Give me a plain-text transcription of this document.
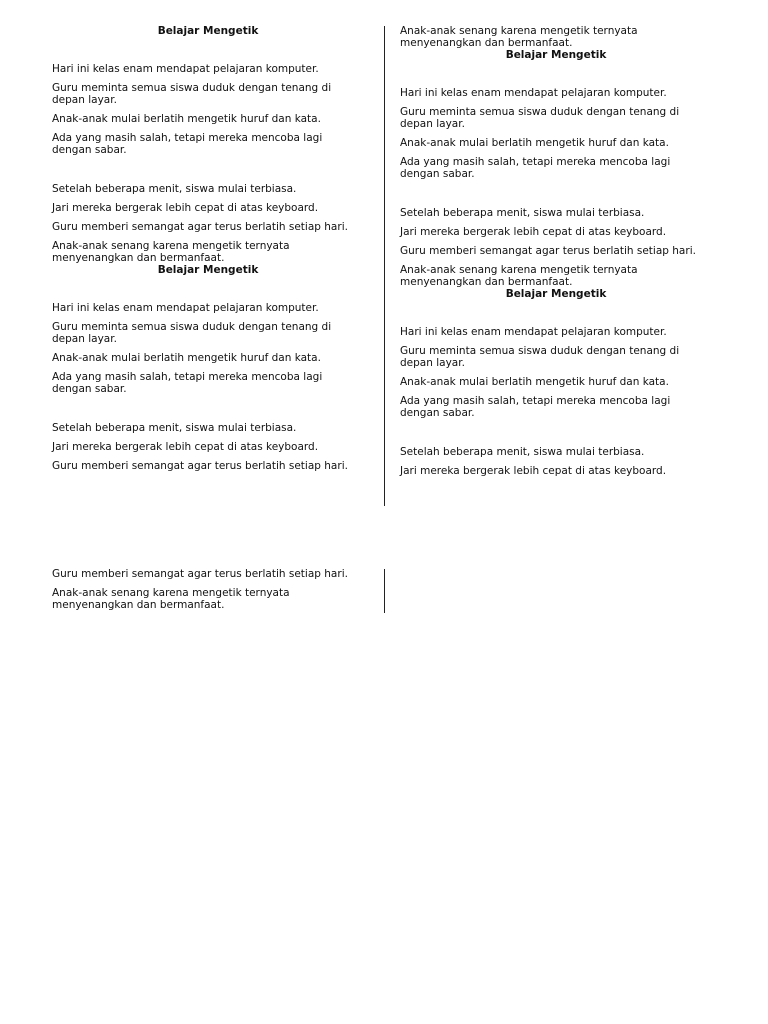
Belajar Mengetik
Hari ini kelas enam mendapat pelajaran komputer.
Guru meminta semua siswa duduk dengan tenang di depan layar.
Anak-anak mulai berlatih mengetik huruf dan kata.
Ada yang masih salah, tetapi mereka mencoba lagi dengan sabar.
Setelah beberapa menit, siswa mulai terbiasa.
Jari mereka bergerak lebih cepat di atas keyboard.
Guru memberi semangat agar terus berlatih setiap hari.
Anak-anak senang karena mengetik ternyata menyenangkan dan bermanfaat.
Belajar Mengetik
Hari ini kelas enam mendapat pelajaran komputer.
Guru meminta semua siswa duduk dengan tenang di depan layar.
Anak-anak mulai berlatih mengetik huruf dan kata.
Ada yang masih salah, tetapi mereka mencoba lagi dengan sabar.
Setelah beberapa menit, siswa mulai terbiasa.
Jari mereka bergerak lebih cepat di atas keyboard.
Guru memberi semangat agar terus berlatih setiap hari.
Anak-anak senang karena mengetik ternyata menyenangkan dan bermanfaat.
Belajar Mengetik
Hari ini kelas enam mendapat pelajaran komputer.
Guru meminta semua siswa duduk dengan tenang di depan layar.
Anak-anak mulai berlatih mengetik huruf dan kata.
Ada yang masih salah, tetapi mereka mencoba lagi dengan sabar.
Setelah beberapa menit, siswa mulai terbiasa.
Jari mereka bergerak lebih cepat di atas keyboard.
Guru memberi semangat agar terus berlatih setiap hari.
Anak-anak senang karena mengetik ternyata menyenangkan dan bermanfaat.
Belajar Mengetik
Hari ini kelas enam mendapat pelajaran komputer.
Guru meminta semua siswa duduk dengan tenang di depan layar.
Anak-anak mulai berlatih mengetik huruf dan kata.
Ada yang masih salah, tetapi mereka mencoba lagi dengan sabar.
Setelah beberapa menit, siswa mulai terbiasa.
Jari mereka bergerak lebih cepat di atas keyboard.
Guru memberi semangat agar terus berlatih setiap hari.
Anak-anak senang karena mengetik ternyata menyenangkan dan bermanfaat.
